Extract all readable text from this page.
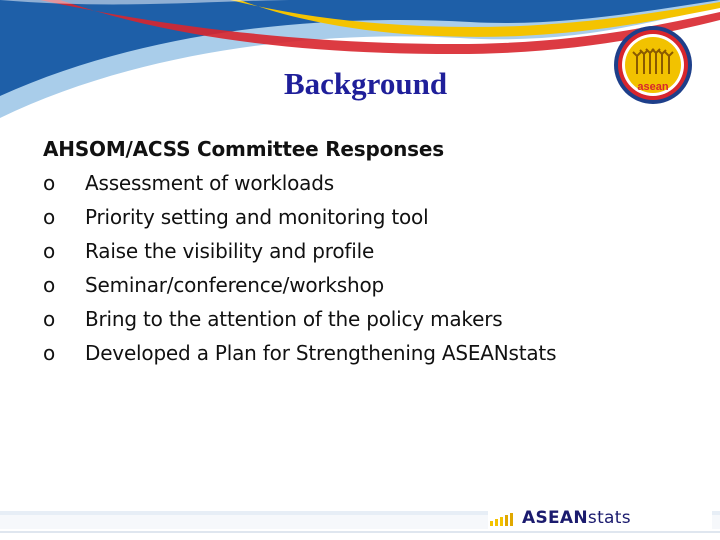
Background	asean
AHSOM/ACSS Committee Responses
o	Assessment of workloads
o	Priority setting and monitoring tool
o	Raise the visibility and profile
o	Seminar/conference/workshop
o	Bring to the attention of the policy makers
o	Developed a Plan for Strengthening ASEANstats
ASEANstats
